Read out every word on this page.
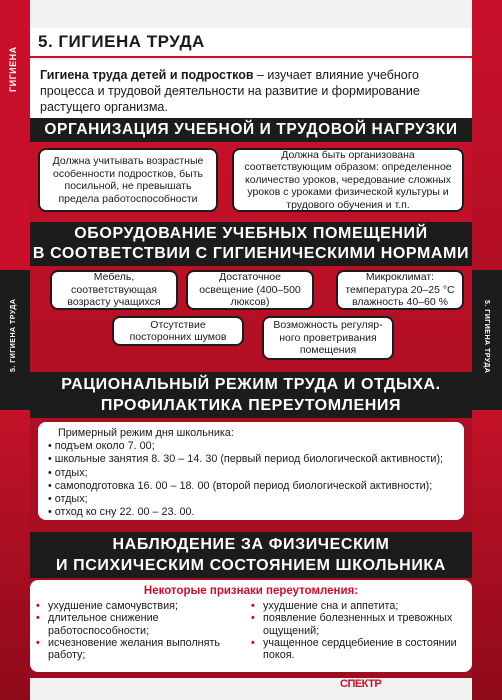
ГИГИЕНА
5. ГИГИЕНА ТРУДА	5. ГИГИЕНА ТРУДА
5. ГИГИЕНА ТРУДА
Гигиена труда детей и подростков – изучает влияние учебного процесса и трудовой деятельности на развитие и формирование растущего организма.
ОРГАНИЗАЦИЯ УЧЕБНОЙ И ТРУДОВОЙ НАГРУЗКИ
Должна учитывать возрастные особенности подростков, быть посильной, не превышать предела работоспособности
Должна быть организована соответствующим образом: определенное количество уроков, чередование сложных уроков с уроками физической культуры и трудового обучения и т.п.
ОБОРУДОВАНИЕ УЧЕБНЫХ ПОМЕЩЕНИЙ
В СООТВЕТСТВИИ С ГИГИЕНИЧЕСКИМИ НОРМАМИ
Мебель, соответствующая возрасту учащихся
Достаточное освещение (400–500 люксов)
Микроклимат: температура 20–25 °С влажность 40–60 %
Отсутствие посторонних шумов
Возможность регуляр-ного проветривания помещения
РАЦИОНАЛЬНЫЙ РЕЖИМ ТРУДА И ОТДЫХА.
ПРОФИЛАКТИКА ПЕРЕУТОМЛЕНИЯ
Примерный режим дня школьника:
• подъем около 7. 00;
• школьные занятия 8. 30 – 14. 30 (первый период биологической активности);
• отдых;
• самоподготовка 16. 00 – 18. 00 (второй период биологической активности);
• отдых;
• отход ко сну 22. 00 – 23. 00.
НАБЛЮДЕНИЕ ЗА ФИЗИЧЕСКИМ
И ПСИХИЧЕСКИМ СОСТОЯНИЕМ ШКОЛЬНИКА
Некоторые признаки переутомления:
• ухудшение самочувствия;
• длительное снижение работоспособности;
• исчезновение желания выполнять работу;
• ухудшение сна и аппетита;
• появление болезненных и тревожных ощущений;
• учащенное сердцебиение в состоянии покоя.
СПЕКТР
